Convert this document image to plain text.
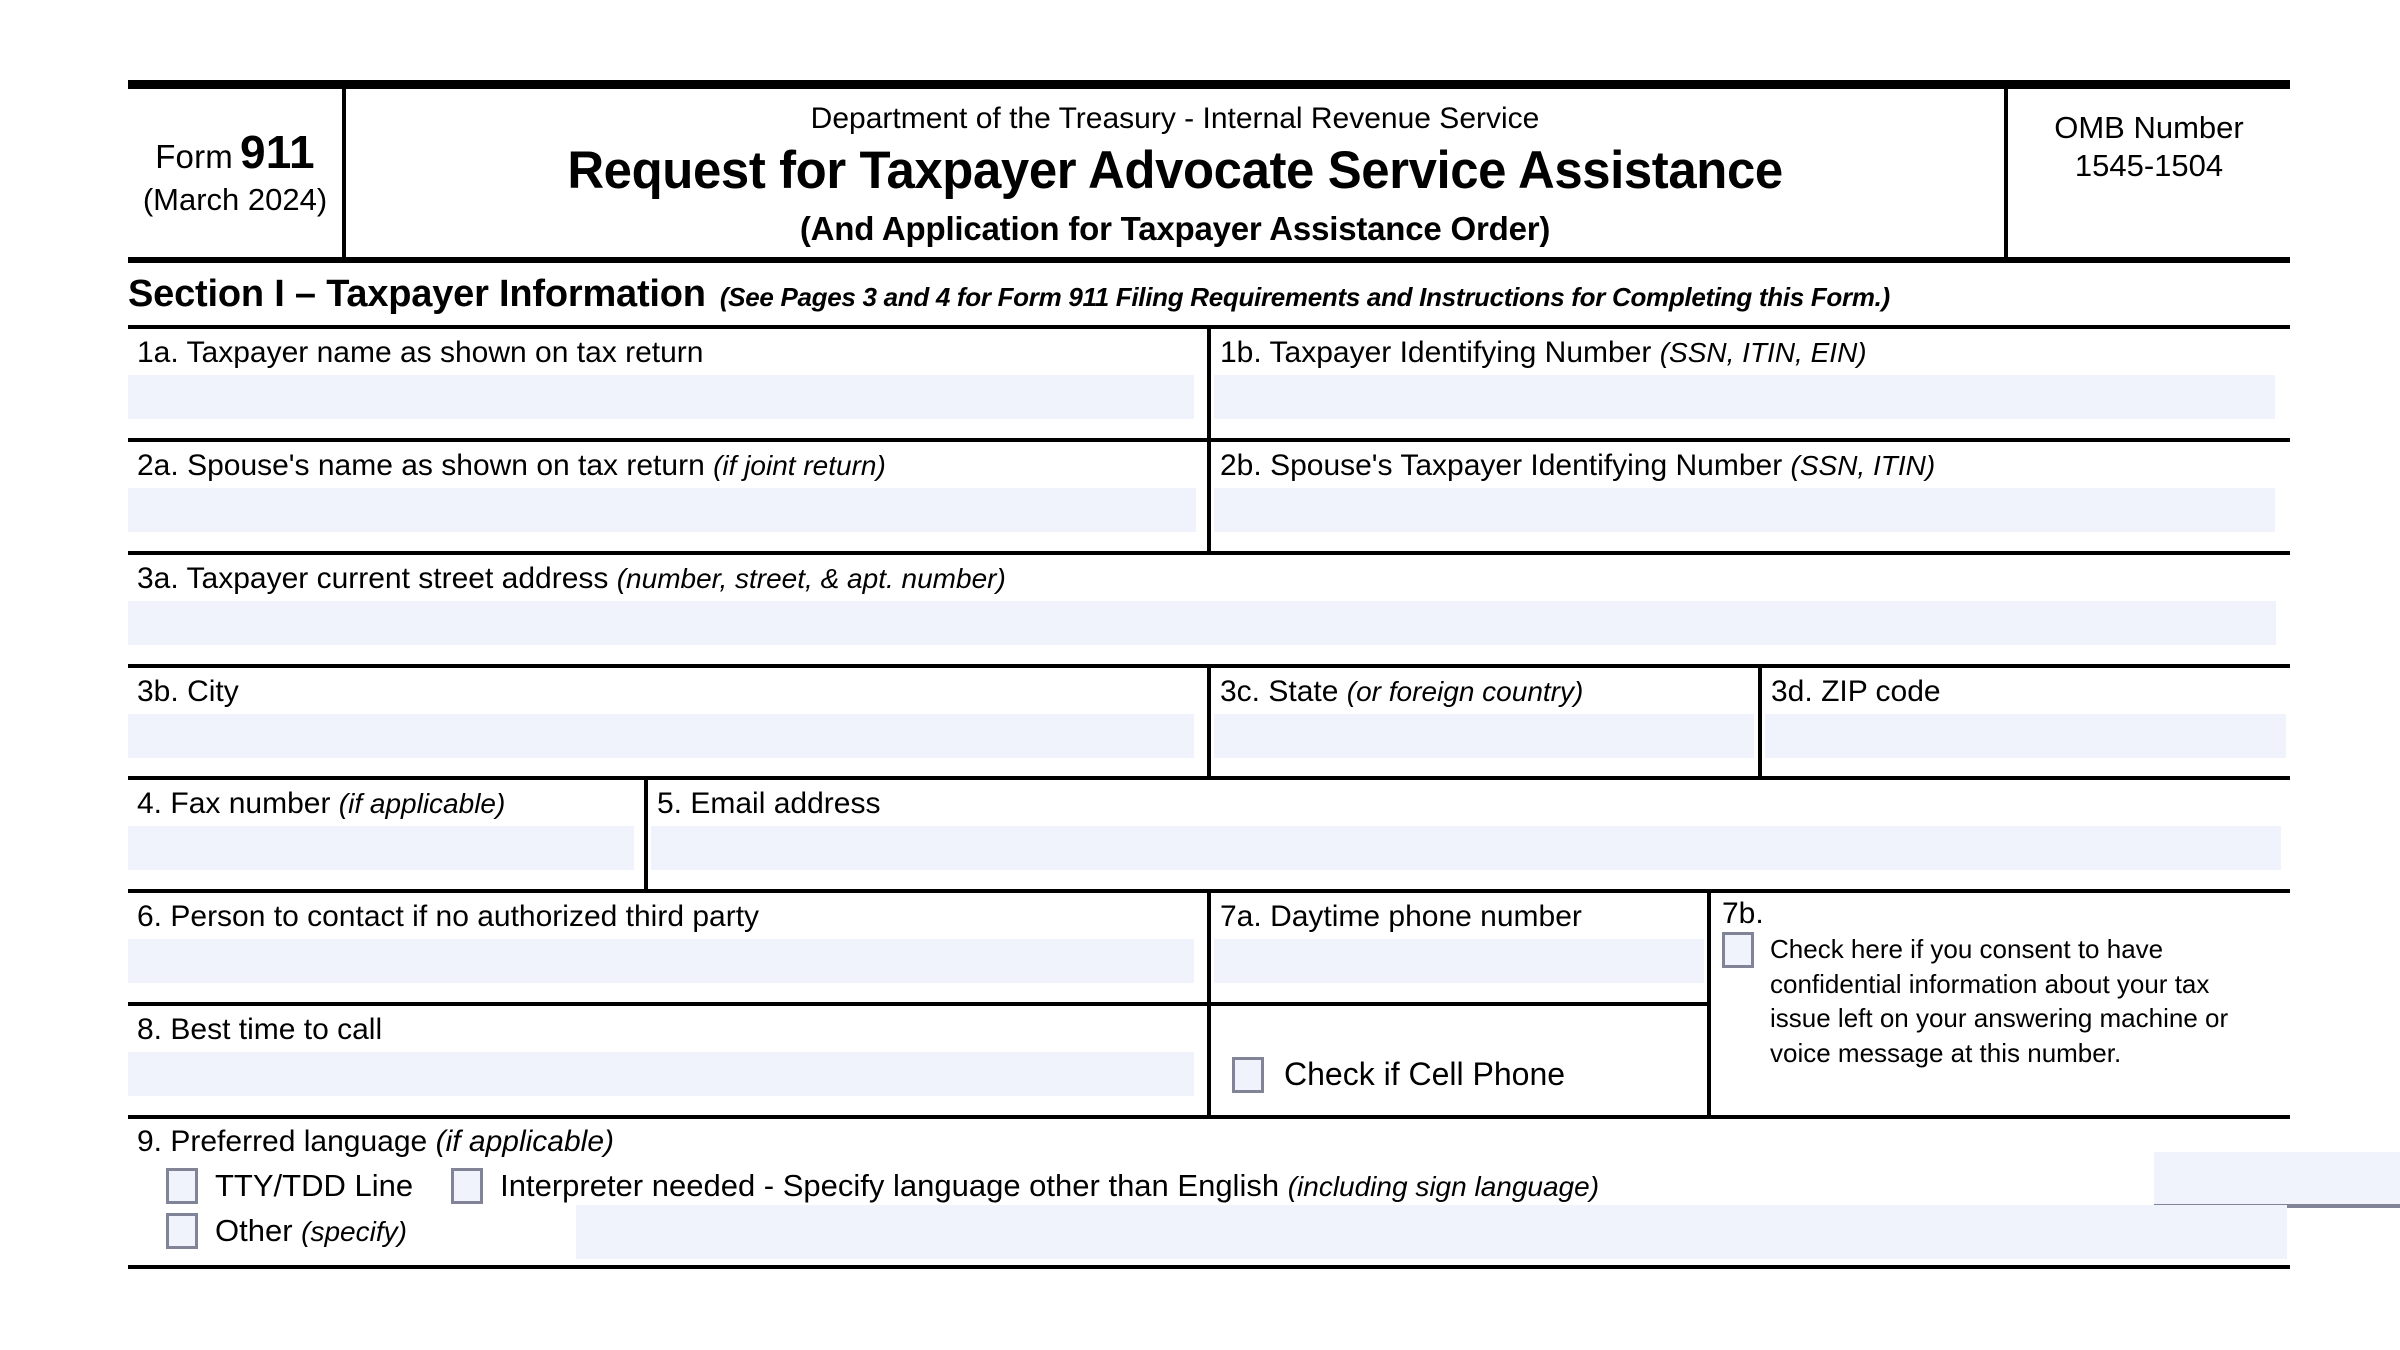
Form 911
(March 2024)
Department of the Treasury - Internal Revenue Service
Request for Taxpayer Advocate Service Assistance
(And Application for Taxpayer Assistance Order)
OMB Number
1545-1504
Section I – Taxpayer Information (See Pages 3 and 4 for Form 911 Filing Requirements and Instructions for Completing this Form.)
1a. Taxpayer name as shown on tax return	1b. Taxpayer Identifying Number (SSN, ITIN, EIN)
2a. Spouse's name as shown on tax return (if joint return)	2b. Spouse's Taxpayer Identifying Number (SSN, ITIN)
3a. Taxpayer current street address (number, street, & apt. number)
3b. City	3c. State (or foreign country)	3d. ZIP code
4. Fax number (if applicable)	5. Email address
6. Person to contact if no authorized third party
8. Best time to call
7a. Daytime phone number
Check if Cell Phone
7b.
Check here if you consent to have confidential information about your tax issue left on your answering machine or voice message at this number.
9. Preferred language (if applicable)
TTY/TDD Line	Interpreter needed - Specify language other than English (including sign language)
Other (specify)
